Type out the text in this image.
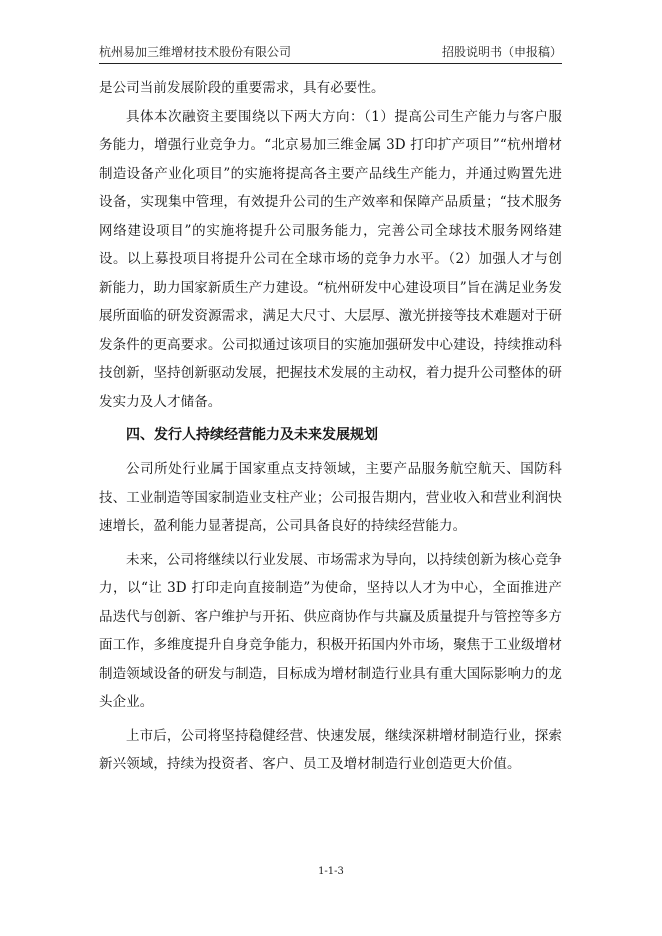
杭州易加三维增材技术股份有限公司	招股说明书（申报稿）

是公司当前发展阶段的重要需求，具有必要性。

具体本次融资主要围绕以下两大方向：（1）提高公司生产能力与客户服务能力，增强行业竞争力。“北京易加三维金属 3D 打印扩产项目”“杭州增材制造设备产业化项目”的实施将提高各主要产品线生产能力，并通过购置先进设备，实现集中管理，有效提升公司的生产效率和保障产品质量；“技术服务网络建设项目”的实施将提升公司服务能力，完善公司全球技术服务网络建设。以上募投项目将提升公司在全球市场的竞争力水平。（2）加强人才与创新能力，助力国家新质生产力建设。“杭州研发中心建设项目”旨在满足业务发展所面临的研发资源需求，满足大尺寸、大层厚、激光拼接等技术难题对于研发条件的更高要求。公司拟通过该项目的实施加强研发中心建设，持续推动科技创新，坚持创新驱动发展，把握技术发展的主动权，着力提升公司整体的研发实力及人才储备。

四、发行人持续经营能力及未来发展规划

公司所处行业属于国家重点支持领域，主要产品服务航空航天、国防科技、工业制造等国家制造业支柱产业；公司报告期内，营业收入和营业利润快速增长，盈利能力显著提高，公司具备良好的持续经营能力。

未来，公司将继续以行业发展、市场需求为导向，以持续创新为核心竞争力，以“让 3D 打印走向直接制造”为使命，坚持以人才为中心，全面推进产品迭代与创新、客户维护与开拓、供应商协作与共赢及质量提升与管控等多方面工作，多维度提升自身竞争能力，积极开拓国内外市场，聚焦于工业级增材制造领域设备的研发与制造，目标成为增材制造行业具有重大国际影响力的龙头企业。

上市后，公司将坚持稳健经营、快速发展，继续深耕增材制造行业，探索新兴领域，持续为投资者、客户、员工及增材制造行业创造更大价值。

1-1-3
